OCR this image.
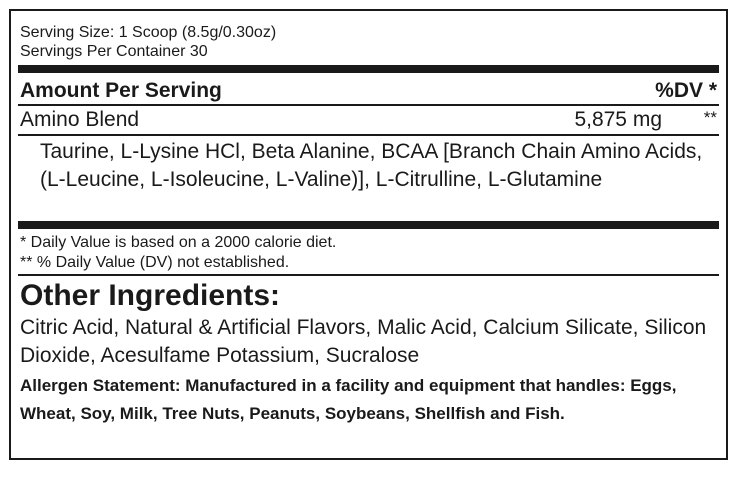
Serving Size: 1 Scoop (8.5g/0.30oz)
Servings Per Container 30
Amount Per Serving	%DV *
Amino Blend	5,875 mg **
Taurine, L-Lysine HCl, Beta Alanine, BCAA [Branch Chain Amino Acids, (L-Leucine, L-Isoleucine, L-Valine)], L-Citrulline, L-Glutamine
* Daily Value is based on a 2000 calorie diet.
** % Daily Value (DV) not established.
Other Ingredients:
Citric Acid, Natural & Artificial Flavors, Malic Acid, Calcium Silicate, Silicon Dioxide, Acesulfame Potassium, Sucralose
Allergen Statement: Manufactured in a facility and equipment that handles: Eggs, Wheat, Soy, Milk, Tree Nuts, Peanuts, Soybeans, Shellfish and Fish.
